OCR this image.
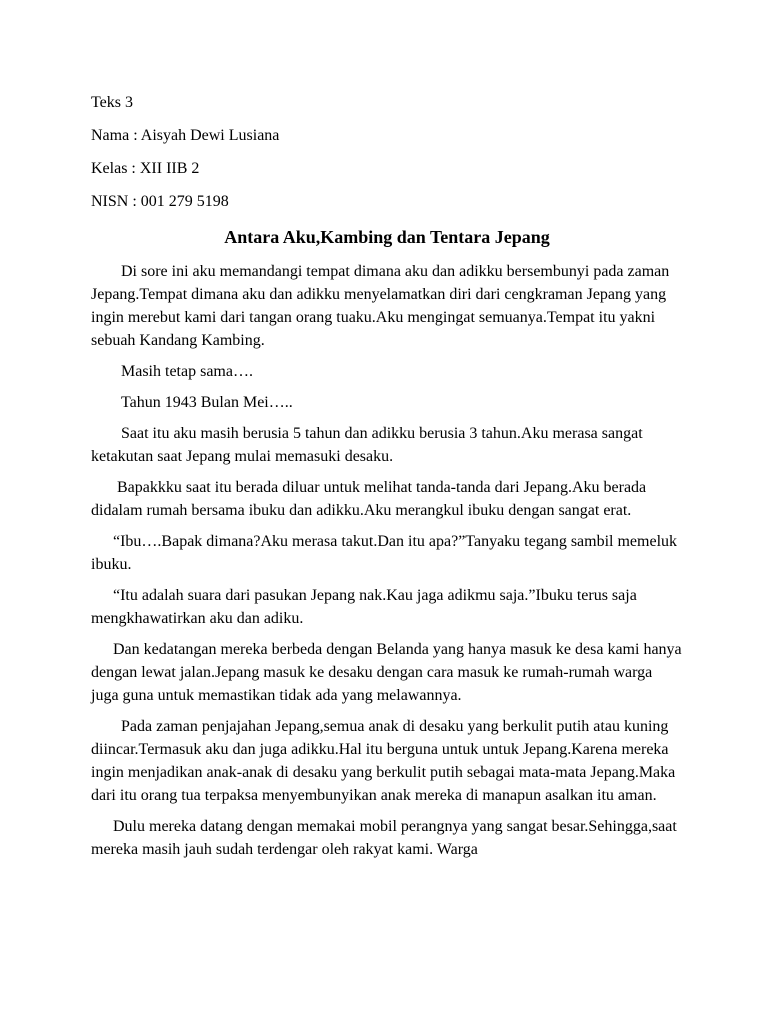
Teks 3

Nama : Aisyah Dewi Lusiana

Kelas : XII IIB 2

NISN : 001 279 5198

Antara Aku,Kambing dan Tentara Jepang

Di sore ini aku memandangi tempat dimana aku dan adikku bersembunyi pada zaman Jepang.Tempat dimana aku dan adikku menyelamatkan diri dari cengkraman Jepang yang ingin merebut kami dari tangan orang tuaku.Aku mengingat semuanya.Tempat itu yakni sebuah Kandang Kambing.

Masih tetap sama….

Tahun 1943 Bulan Mei…..

Saat itu aku masih berusia 5 tahun dan adikku berusia 3 tahun.Aku merasa sangat ketakutan saat Jepang mulai memasuki desaku.

Bapakkku saat itu berada diluar untuk melihat tanda-tanda dari Jepang.Aku berada didalam rumah bersama ibuku dan adikku.Aku merangkul ibuku dengan sangat erat.

“Ibu….Bapak dimana?Aku merasa takut.Dan itu apa?”Tanyaku tegang sambil memeluk ibuku.

“Itu adalah suara dari pasukan Jepang nak.Kau jaga adikmu saja.”Ibuku terus saja mengkhawatirkan aku dan adiku.

Dan kedatangan mereka berbeda dengan Belanda yang hanya masuk ke desa kami hanya dengan lewat jalan.Jepang masuk ke desaku dengan cara masuk ke rumah-rumah warga juga guna untuk memastikan tidak ada yang melawannya.

Pada zaman penjajahan Jepang,semua anak di desaku yang berkulit putih atau kuning diincar.Termasuk aku dan juga adikku.Hal itu berguna untuk untuk Jepang.Karena mereka ingin menjadikan anak-anak di desaku yang berkulit putih sebagai mata-mata Jepang.Maka dari itu orang tua terpaksa menyembunyikan anak mereka di manapun asalkan itu aman.

Dulu mereka datang dengan memakai mobil perangnya yang sangat besar.Sehingga,saat mereka masih jauh sudah terdengar oleh rakyat kami. Warga
